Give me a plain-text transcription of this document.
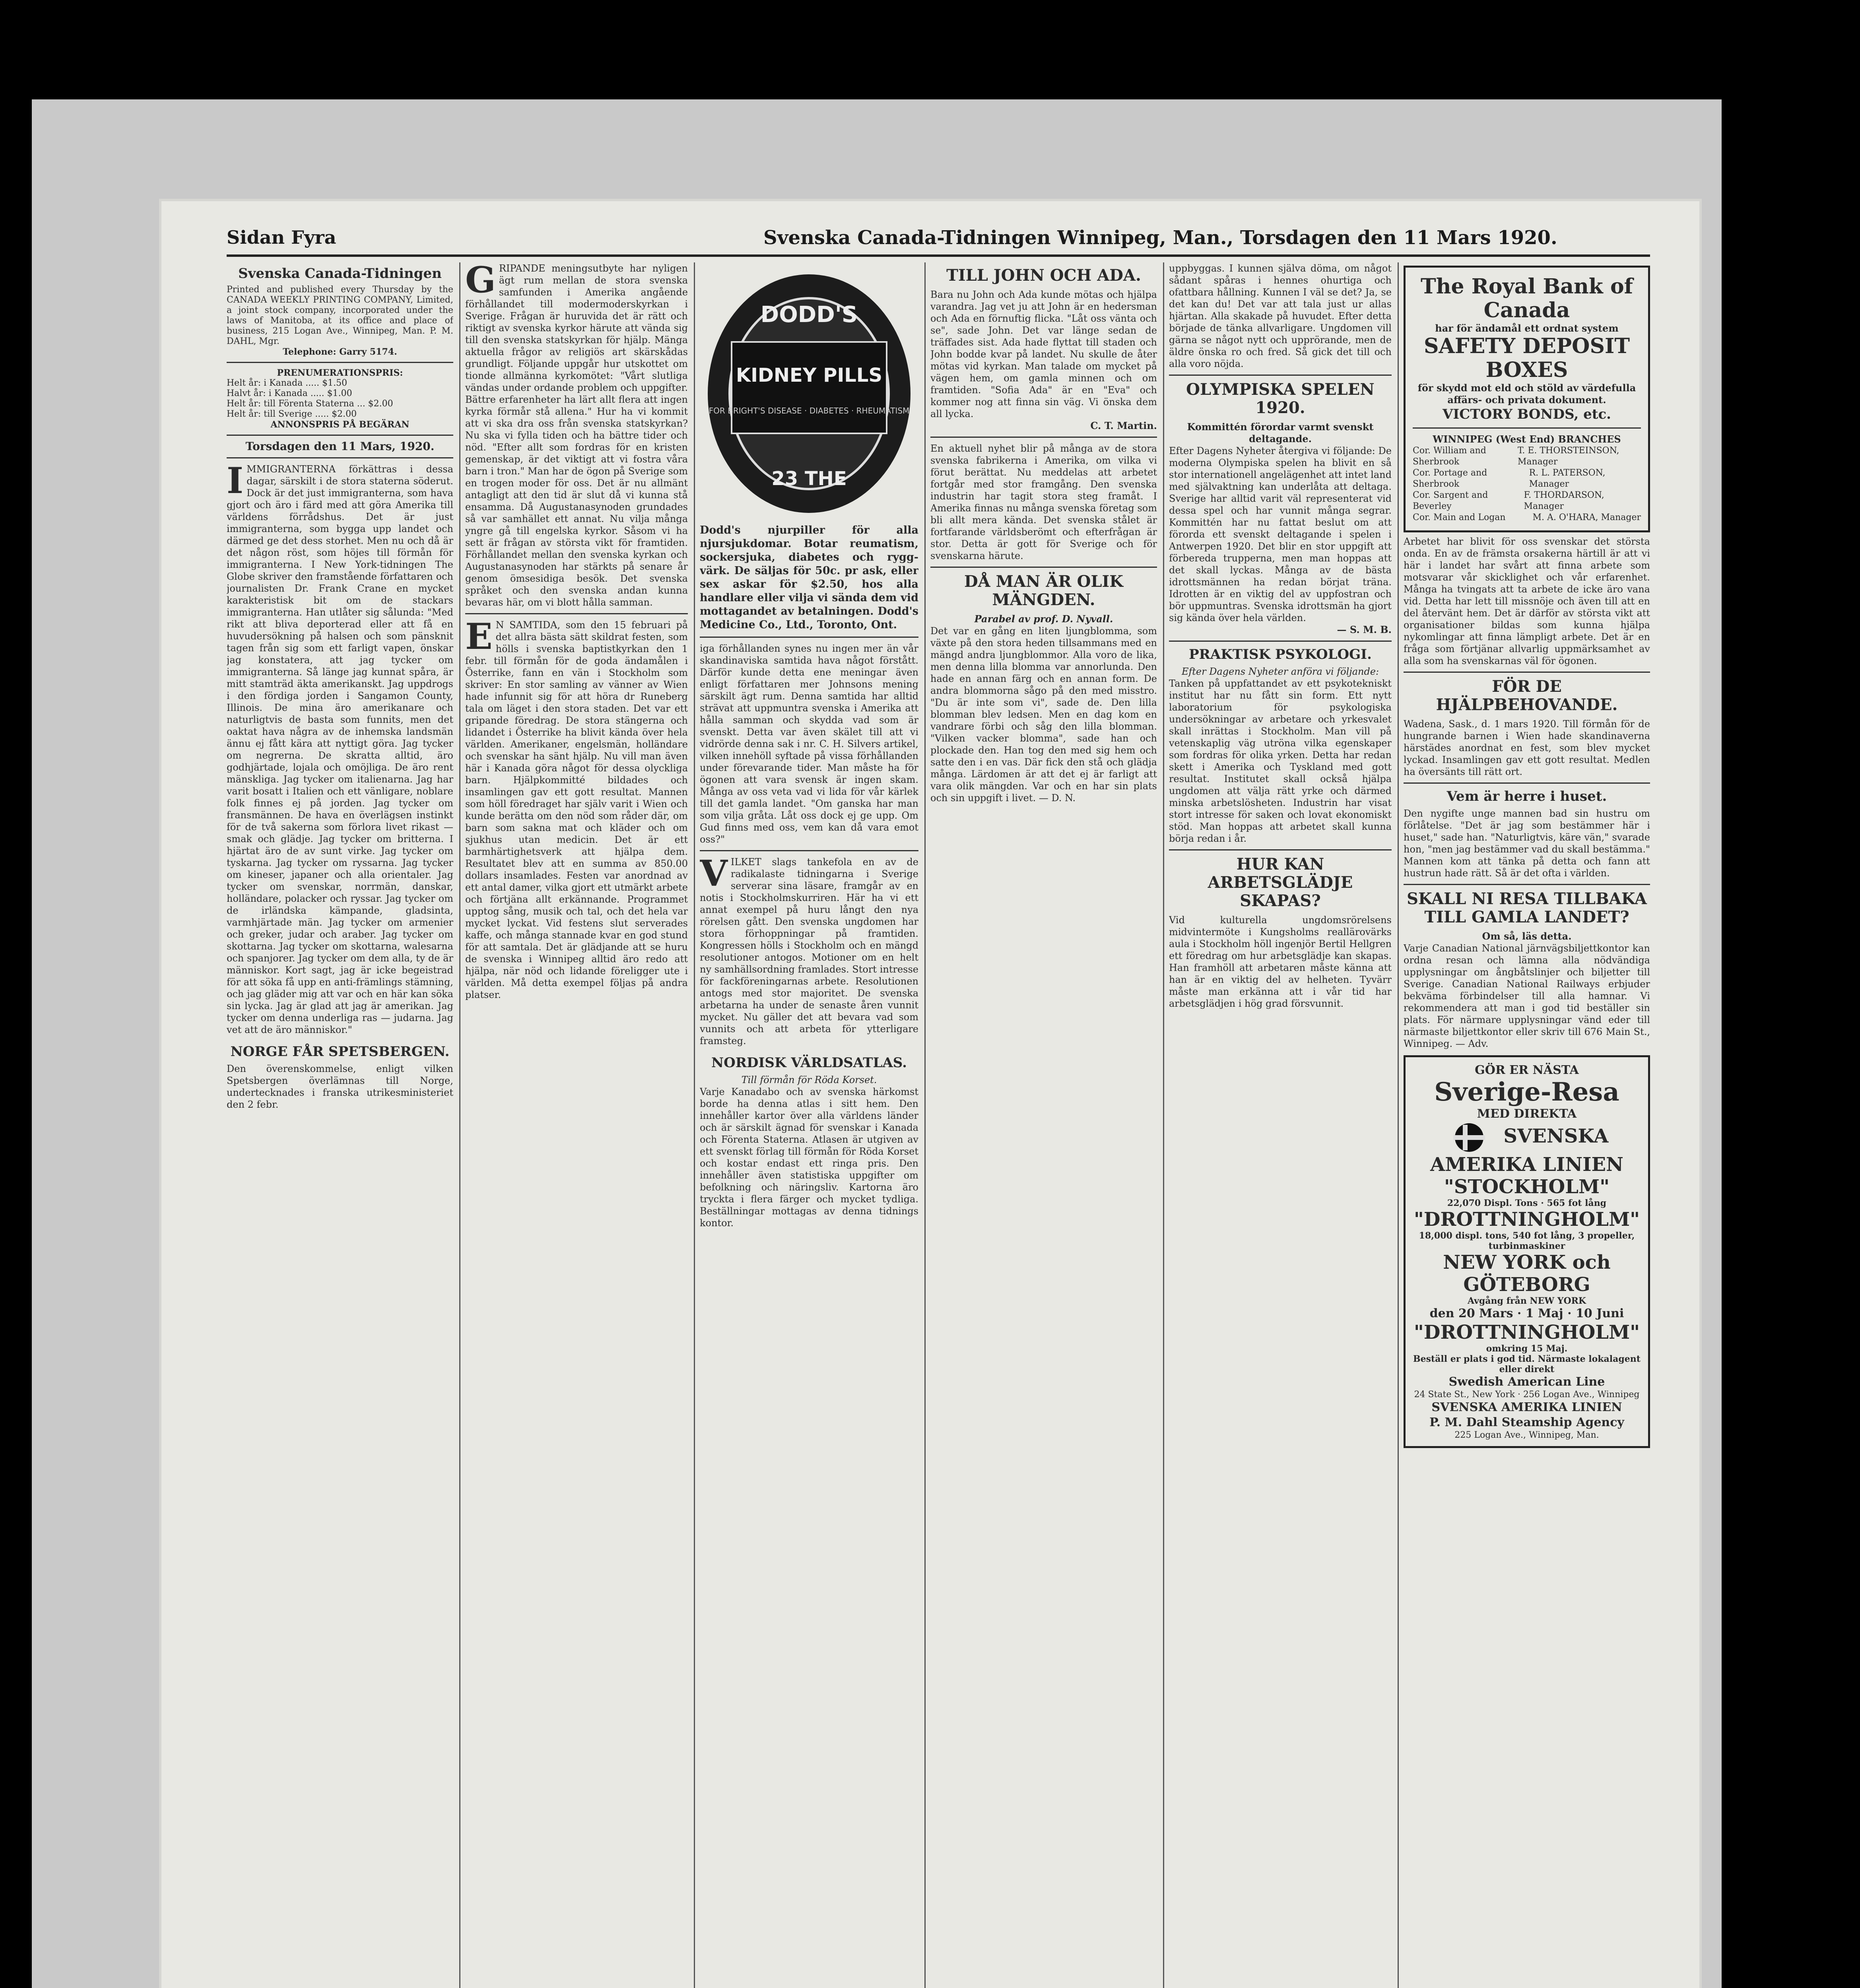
Sidan Fyra	Svenska Canada-Tidningen Winnipeg, Man., Torsdagen den 11 Mars 1920.
Svenska Canada-Tidningen
Printed and published every Thursday by the CANADA WEEKLY PRINTING COMPANY, Limited, a joint stock company, incorporated under the laws of Manitoba, at its office and place of business, 215 Logan Ave., Winnipeg, Man. P. M. DAHL, Mgr.
Telephone: Garry 5174.
PRENUMERATIONSPRIS:
Helt år: i Kanada ..... $1.50
Halvt år: i Kanada ..... $1.00
Helt år: till Förenta Staterna ... $2.00
Helt år: till Sverige ..... $2.00
ANNONSPRIS PÅ BEGÄRAN
Torsdagen den 11 Mars, 1920.
I MMIGRANTERNA förkättras i dessa dagar, särskilt i de stora staterna söderut. Dock är det just immigranterna, som hava gjort och äro i färd med att göra Amerika till världens förrådshus. Det är just immigranterna, som bygga upp landet och därmed ge det dess storhet. Men nu och då är det någon röst, som höjes till förmån för immigranterna. I New York-tidningen The Globe skriver den framstående författaren och journalisten Dr. Frank Crane en mycket karakteristisk bit om de stackars immigranterna. Han utlåter sig sålunda: "Med rikt att bliva deporterad eller att få en huvudersökning på halsen och som pänsknit tagen från sig som ett farligt vapen, önskar jag konstatera, att jag tycker om immigranterna. Så länge jag kunnat spåra, är mitt stamträd äkta amerikanskt. Jag uppdrogs i den fördiga jorden i Sangamon County, Illinois. De mina äro amerikanare och naturligtvis de basta som funnits, men det oaktat hava några av de inhemska landsmän ännu ej fått kära att nyttigt göra. Jag tycker om negrerna. De skratta alltid, äro godhjärtade, lojala och omöjliga. De äro rent mänskliga. Jag tycker om italienarna. Jag har varit bosatt i Italien och ett vänligare, noblare folk finnes ej på jorden. Jag tycker om fransmännen. De hava en överlägsen instinkt för de två sakerna som förlora livet rikast — smak och glädje. Jag tycker om britterna. I hjärtat äro de av sunt virke. Jag tycker om tyskarna. Jag tycker om ryssarna. Jag tycker om kineser, japaner och alla orientaler. Jag tycker om svenskar, norrmän, danskar, holländare, polacker och ryssar. Jag tycker om de irländska kämpande, gladsinta, varmhjärtade män. Jag tycker om armenier och greker, judar och araber. Jag tycker om skottarna. Jag tycker om skottarna, walesarna och spanjorer. Jag tycker om dem alla, ty de är människor. Kort sagt, jag är icke begeistrad för att söka få upp en anti-främlings stämning, och jag gläder mig att var och en här kan söka sin lycka. Jag är glad att jag är amerikan. Jag tycker om denna underliga ras — judarna. Jag vet att de äro människor."
NORGE FÅR SPETSBERGEN.
Den överenskommelse, enligt vilken Spetsbergen överlämnas till Norge, undertecknades i franska utrikesministeriet den 2 febr.
G RIPANDE meningsutbyte har nyligen ägt rum mellan de stora svenska samfunden i Amerika angående förhållandet till modermoderskyrkan i Sverige. Frågan är huruvida det är rätt och riktigt av svenska kyrkor härute att vända sig till den svenska statskyrkan för hjälp. Mänga aktuella frågor av religiös art skärskådas grundligt. Följande uppgår hur utskottet om tionde allmänna kyrkomötet: "Vårt slutliga vändas under ordande problem och uppgifter. Bättre erfarenheter ha lärt allt flera att ingen kyrka förmår stå allena." Hur ha vi kommit att vi ska dra oss från svenska statskyrkan? Nu ska vi fylla tiden och ha bättre tider och nöd. "Efter allt som fordras för en kristen gemenskap, är det viktigt att vi fostra våra barn i tron." Man har de ögon på Sverige som en trogen moder för oss. Det är nu allmänt antagligt att den tid är slut då vi kunna stå ensamma. Då Augustanasynoden grundades så var samhället ett annat. Nu vilja många yngre gå till engelska kyrkor. Såsom vi ha sett är frågan av största vikt för framtiden. Förhållandet mellan den svenska kyrkan och Augustanasynoden har stärkts på senare år genom ömsesidiga besök. Det svenska språket och den svenska andan kunna bevaras här, om vi blott hålla samman.
E N SAMTIDA, som den 15 februari på det allra bästa sätt skildrat festen, som hölls i svenska baptistkyrkan den 1 febr. till förmån för de goda ändamålen i Österrike, fann en vän i Stockholm som skriver: En stor samling av vänner av Wien hade infunnit sig för att höra dr Runeberg tala om läget i den stora staden. Det var ett gripande föredrag. De stora stängerna och lidandet i Österrike ha blivit kända över hela världen. Amerikaner, engelsmän, holländare och svenskar ha sänt hjälp. Nu vill man även här i Kanada göra något för dessa olyckliga barn. Hjälpkommitté bildades och insamlingen gav ett gott resultat. Mannen som höll föredraget har själv varit i Wien och kunde berätta om den nöd som råder där, om barn som sakna mat och kläder och om sjukhus utan medicin. Det är ett barmhärtighetsverk att hjälpa dem. Resultatet blev att en summa av 850.00 dollars insamlades. Festen var anordnad av ett antal damer, vilka gjort ett utmärkt arbete och förtjäna allt erkännande. Programmet upptog sång, musik och tal, och det hela var mycket lyckat. Vid festens slut serverades kaffe, och många stannade kvar en god stund för att samtala. Det är glädjande att se huru de svenska i Winnipeg alltid äro redo att hjälpa, när nöd och lidande föreligger ute i världen. Må detta exempel följas på andra platser.
DODD'S
KIDNEY PILLS
FOR BRIGHT'S DISEASE · DIABETES · RHEUMATISM
23 THE
Dodd's njurpiller för alla njursjukdomar. Botar reumatism, sockersjuka, diabetes och rygg-värk. De säljas för 50c. pr ask, eller sex askar för $2.50, hos alla handlare eller vilja vi sända dem vid mottagandet av betalningen. Dodd's Medicine Co., Ltd., Toronto, Ont.
iga förhållanden synes nu ingen mer än vår skandinaviska samtida hava något förstått. Därför kunde detta ene meningar även enligt författaren mer Johnsons mening särskilt ägt rum. Denna samtida har alltid strävat att uppmuntra svenska i Amerika att hålla samman och skydda vad som är svenskt. Detta var även skälet till att vi vidrörde denna sak i nr. C. H. Silvers artikel, vilken innehöll syftade på vissa förhållanden under förevarande tider. Man måste ha för ögonen att vara svensk är ingen skam. Många av oss veta vad vi lida för vår kärlek till det gamla landet. "Om ganska har man som vilja gråta. Låt oss dock ej ge upp. Om Gud finns med oss, vem kan då vara emot oss?"
V ILKET slags tankefola en av de radikalaste tidningarna i Sverige serverar sina läsare, framgår av en notis i Stockholmskurriren. Här ha vi ett annat exempel på huru långt den nya rörelsen gått. Den svenska ungdomen har stora förhoppningar på framtiden. Kongressen hölls i Stockholm och en mängd resolutioner antogos. Motioner om en helt ny samhällsordning framlades. Stort intresse för fackföreningarnas arbete. Resolutionen antogs med stor majoritet. De svenska arbetarna ha under de senaste åren vunnit mycket. Nu gäller det att bevara vad som vunnits och att arbeta för ytterligare framsteg.
NORDISK VÄRLDSATLAS.
Till förmån för Röda Korset.
Varje Kanadabo och av svenska härkomst borde ha denna atlas i sitt hem. Den innehåller kartor över alla världens länder och är särskilt ägnad för svenskar i Kanada och Förenta Staterna. Atlasen är utgiven av ett svenskt förlag till förmån för Röda Korset och kostar endast ett ringa pris. Den innehåller även statistiska uppgifter om befolkning och näringsliv. Kartorna äro tryckta i flera färger och mycket tydliga. Beställningar mottagas av denna tidnings kontor.
TILL JOHN OCH ADA.
Bara nu John och Ada kunde mötas och hjälpa varandra. Jag vet ju att John är en hedersman och Ada en förnuftig flicka. "Låt oss vänta och se", sade John. Det var länge sedan de träffades sist. Ada hade flyttat till staden och John bodde kvar på landet. Nu skulle de åter mötas vid kyrkan. Man talade om mycket på vägen hem, om gamla minnen och om framtiden. "Sofia Ada" är en "Eva" och kommer nog att finna sin väg. Vi önska dem all lycka.
C. T. Martin.
En aktuell nyhet blir på många av de stora svenska fabrikerna i Amerika, om vilka vi förut berättat. Nu meddelas att arbetet fortgår med stor framgång. Den svenska industrin har tagit stora steg framåt. I Amerika finnas nu många svenska företag som bli allt mera kända. Det svenska stålet är fortfarande världsberömt och efterfrågan är stor. Detta är gott för Sverige och för svenskarna härute.
DÅ MAN ÄR OLIK MÄNGDEN.
Parabel av prof. D. Nyvall.
Det var en gång en liten ljungblomma, som växte på den stora heden tillsammans med en mängd andra ljungblommor. Alla voro de lika, men denna lilla blomma var annorlunda. Den hade en annan färg och en annan form. De andra blommorna sågo på den med misstro. "Du är inte som vi", sade de. Den lilla blomman blev ledsen. Men en dag kom en vandrare förbi och såg den lilla blomman. "Vilken vacker blomma", sade han och plockade den. Han tog den med sig hem och satte den i en vas. Där fick den stå och glädja många. Lärdomen är att det ej är farligt att vara olik mängden. Var och en har sin plats och sin uppgift i livet. — D. N.
uppbyggas. I kunnen själva döma, om något sådant spåras i hennes ohurtiga och ofattbara hållning. Kunnen I väl se det? Ja, se det kan du! Det var att tala just ur allas hjärtan. Alla skakade på huvudet. Efter detta började de tänka allvarligare. Ungdomen vill gärna se något nytt och upprörande, men de äldre önska ro och fred. Så gick det till och alla voro nöjda.
OLYMPISKA SPELEN 1920.
Kommittén förordar varmt svenskt deltagande.
Efter Dagens Nyheter återgiva vi följande: De moderna Olympiska spelen ha blivit en så stor internationell angelägenhet att intet land med självaktning kan underlåta att deltaga. Sverige har alltid varit väl representerat vid dessa spel och har vunnit många segrar. Kommittén har nu fattat beslut om att förorda ett svenskt deltagande i spelen i Antwerpen 1920. Det blir en stor uppgift att förbereda trupperna, men man hoppas att det skall lyckas. Många av de bästa idrottsmännen ha redan börjat träna. Idrotten är en viktig del av uppfostran och bör uppmuntras. Svenska idrottsmän ha gjort sig kända över hela världen.
— S. M. B.
PRAKTISK PSYKOLOGI.
Efter Dagens Nyheter anföra vi följande:
Tanken på uppfattandet av ett psykotekniskt institut har nu fått sin form. Ett nytt laboratorium för psykologiska undersökningar av arbetare och yrkesvalet skall inrättas i Stockholm. Man vill på vetenskaplig väg utröna vilka egenskaper som fordras för olika yrken. Detta har redan skett i Amerika och Tyskland med gott resultat. Institutet skall också hjälpa ungdomen att välja rätt yrke och därmed minska arbetslösheten. Industrin har visat stort intresse för saken och lovat ekonomiskt stöd. Man hoppas att arbetet skall kunna börja redan i år.
HUR KAN ARBETSGLÄDJE SKAPAS?
Vid kulturella ungdomsrörelsens midvintermöte i Kungsholms reallärovärks aula i Stockholm höll ingenjör Bertil Hellgren ett föredrag om hur arbetsglädje kan skapas. Han framhöll att arbetaren måste känna att han är en viktig del av helheten. Tyvärr måste man erkänna att i vår tid har arbetsglädjen i hög grad försvunnit.
The Royal Bank of Canada
har för ändamål ett ordnat system
SAFETY DEPOSIT BOXES
för skydd mot eld och stöld av värdefulla affärs- och privata dokument.
VICTORY BONDS, etc.
WINNIPEG (West End) BRANCHES
Cor. William and Sherbrook
T. E. THORSTEINSON, Manager
Cor. Portage and Sherbrook
R. L. PATERSON, Manager
Cor. Sargent and Beverley
F. THORDARSON, Manager
Cor. Main and Logan	M. A. O'HARA, Manager
Arbetet har blivit för oss svenskar det största onda. En av de främsta orsakerna härtill är att vi här i landet har svårt att finna arbete som motsvarar vår skicklighet och vår erfarenhet. Många ha tvingats att ta arbete de icke äro vana vid. Detta har lett till missnöje och även till att en del återvänt hem. Det är därför av största vikt att organisationer bildas som kunna hjälpa nykomlingar att finna lämpligt arbete. Det är en fråga som förtjänar allvarlig uppmärksamhet av alla som ha svenskarnas väl för ögonen.
FÖR DE HJÄLPBEHOVANDE.
Wadena, Sask., d. 1 mars 1920. Till förmån för de hungrande barnen i Wien hade skandinaverna härstädes anordnat en fest, som blev mycket lyckad. Insamlingen gav ett gott resultat. Medlen ha översänts till rätt ort.
Vem är herre i huset.
Den nygifte unge mannen bad sin hustru om förlåtelse. "Det är jag som bestämmer här i huset," sade han. "Naturligtvis, käre vän," svarade hon, "men jag bestämmer vad du skall bestämma." Mannen kom att tänka på detta och fann att hustrun hade rätt. Så är det ofta i världen.
SKALL NI RESA TILLBAKA TILL GAMLA LANDET?
Om så, läs detta.
Varje Canadian National järnvägsbiljettkontor kan ordna resan och lämna alla nödvändiga upplysningar om ångbåtslinjer och biljetter till Sverige. Canadian National Railways erbjuder bekväma förbindelser till alla hamnar. Vi rekommendera att man i god tid beställer sin plats. För närmare upplysningar vänd eder till närmaste biljettkontor eller skriv till 676 Main St., Winnipeg. — Adv.
GÖR ER NÄSTA
Sverige-Resa
MED DIREKTA
SVENSKA AMERIKA LINIEN
"STOCKHOLM"
22,070 Displ. Tons · 565 fot lång
"DROTTNINGHOLM"
18,000 displ. tons, 540 fot lång, 3 propeller, turbinmaskiner
NEW YORK och GÖTEBORG
Avgång från NEW YORK
den 20 Mars · 1 Maj · 10 Juni
"DROTTNINGHOLM"
omkring 15 Maj.
Beställ er plats i god tid. Närmaste lokalagent eller direkt
Swedish American Line
24 State St., New York · 256 Logan Ave., Winnipeg
SVENSKA AMERIKA LINIEN
P. M. Dahl Steamship Agency
225 Logan Ave., Winnipeg, Man.
